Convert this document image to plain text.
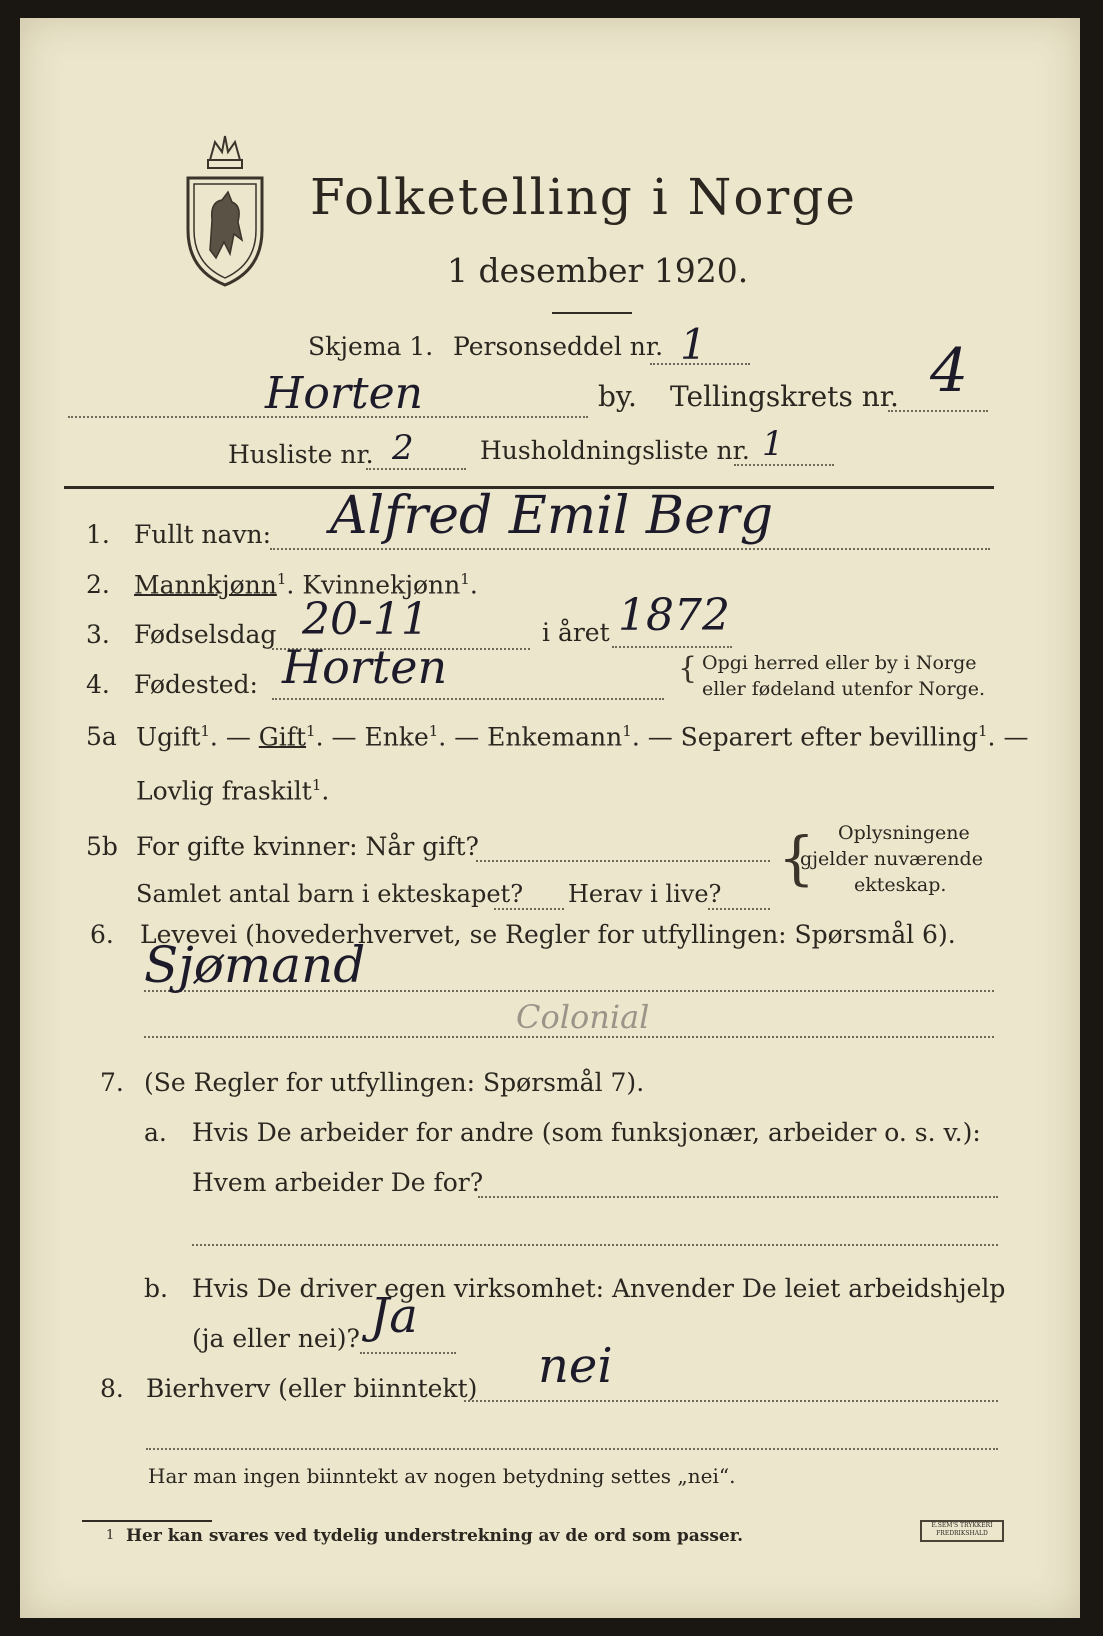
Folketelling i Norge
1 desember 1920.
Skjema 1. Personseddel nr. 1
Horten	by. Tellingskrets nr. 4
Husliste nr. 2	Husholdningsliste nr. 1
1. Fullt navn: Alfred Emil Berg
2. Mannkjønn$^1$. Kvinnekjønn$^1$.
3. Fødselsdag 20-11	i året 1872
4. Fødested: Horten	{ Opgi herred eller by i Norge
eller fødeland utenfor Norge.
5a Ugift$^1$. — Gift$^1$. — Enke$^1$. — Enkemann$^1$. — Separert efter bevilling$^1$. —
Lovlig fraskilt$^1$.
5b For gifte kvinner: Når gift?
Samlet antal barn i ekteskapet? Herav i live?
{ Oplysningene
gjelder nuværende
ekteskap.
6. Levevei (hovederhvervet, se Regler for utfyllingen: Spørsmål 6).
Sjømand
Colonial
7. (Se Regler for utfyllingen: Spørsmål 7).
a. Hvis De arbeider for andre (som funksjonær, arbeider o. s. v.):
Hvem arbeider De for?
b. Hvis De driver egen virksomhet: Anvender De leiet arbeidshjelp
(ja eller nei)? Ja
8. Bierhverv (eller biinntekt) nei
Har man ingen biinntekt av nogen betydning settes „nei“.
1 Her kan svares ved tydelig understrekning av de ord som passer.
E.SEM'S TRYKKERI FREDRIKSHALD
